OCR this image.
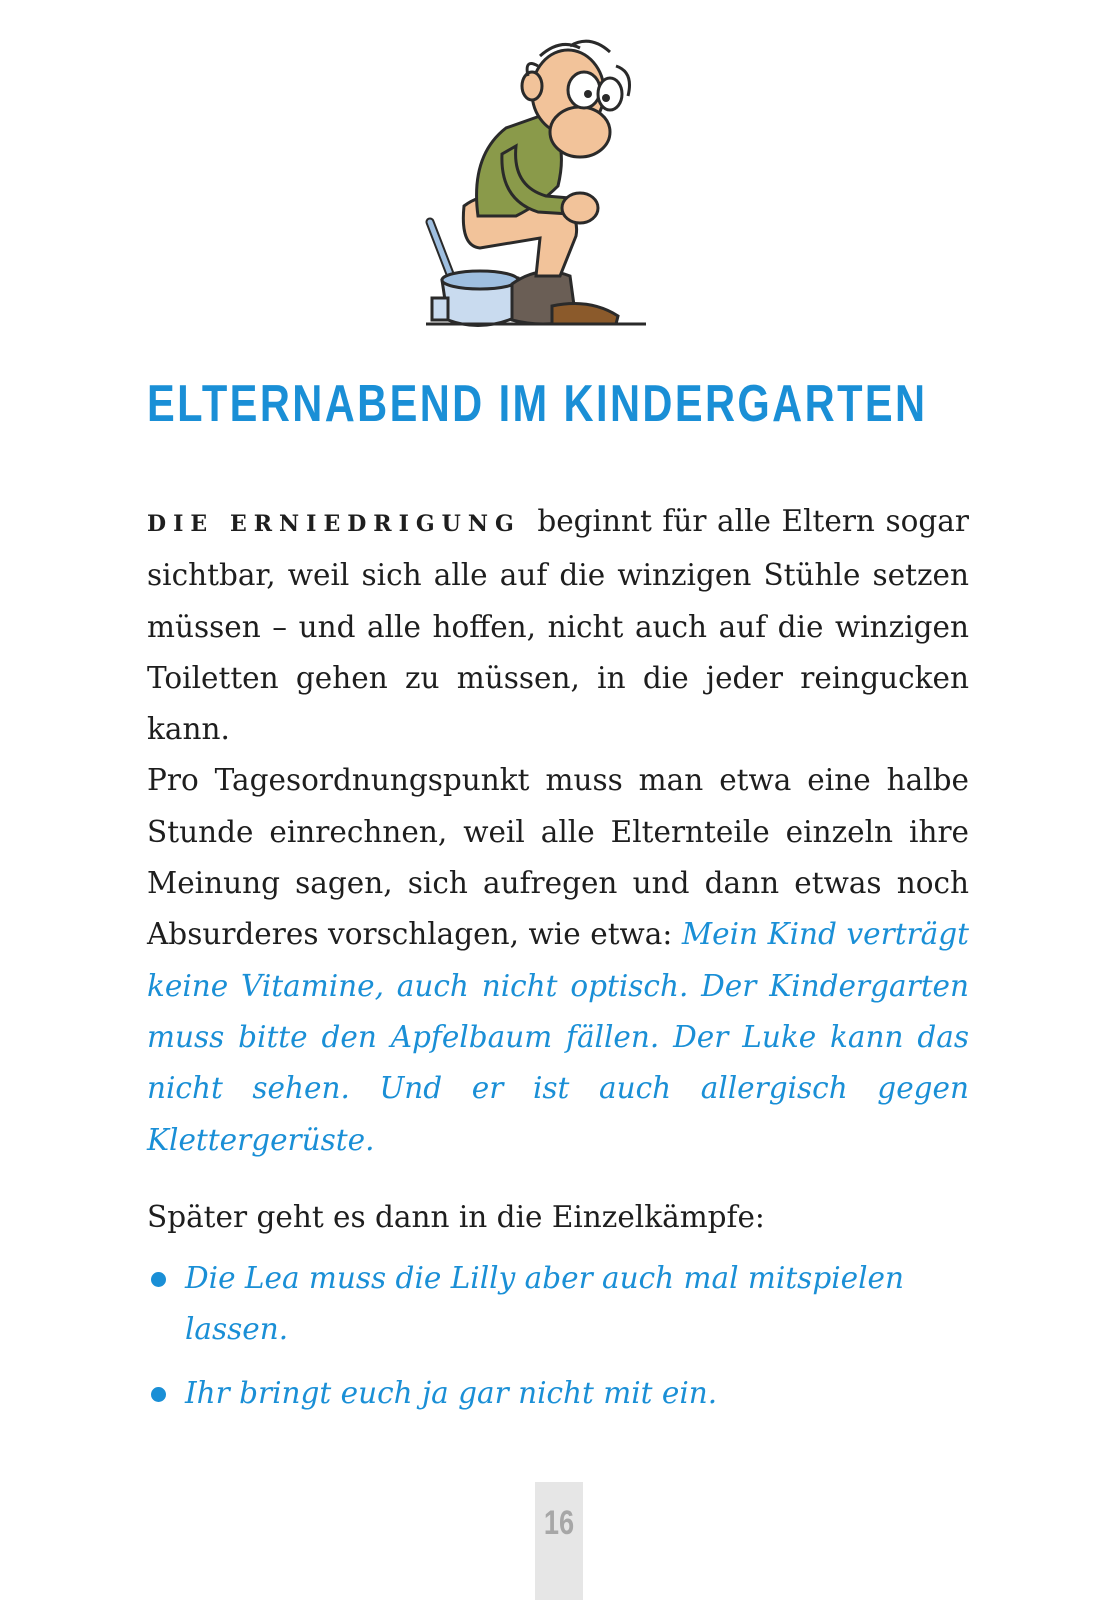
ELTERNABEND IM KINDERGARTEN

DIE ERNIEDRIGUNG beginnt für alle Eltern sogar sichtbar, weil sich alle auf die winzigen Stühle setzen müssen – und alle hoffen, nicht auch auf die winzigen Toiletten gehen zu müssen, in die jeder reingucken kann.

Pro Tagesordnungspunkt muss man etwa eine halbe Stunde einrechnen, weil alle Elternteile einzeln ihre Meinung sagen, sich aufregen und dann etwas noch Absurderes vorschlagen, wie etwa: Mein Kind verträgt keine Vitamine, auch nicht optisch. Der Kindergarten muss bitte den Apfelbaum fällen. Der Luke kann das nicht sehen. Und er ist auch allergisch gegen Klettergerüste.

Später geht es dann in die Einzelkämpfe:

Die Lea muss die Lilly aber auch mal mitspielen lassen.
Ihr bringt euch ja gar nicht mit ein.
16
